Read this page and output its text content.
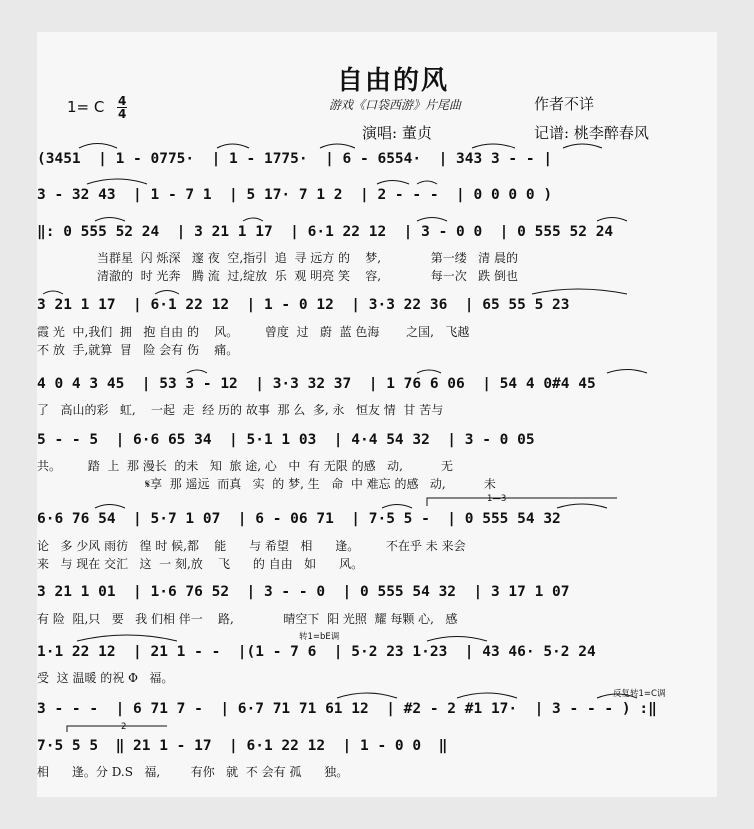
自由的风
1= C $\frac{4}{4}$	游戏《口袋西游》片尾曲	作者不详
演唱: 董贞	记谱: 桃李醉春风
(3451  | 1 - 0775·  | 1 - 1775·  | 6 - 6554·  | 343 3 - - |
3 - 32 43  | 1 - 7 1  | 5 17· 7 1 2  | 2 - - -  | 0 0 0 0 )
‖: 0 555 52 24  | 3 21 1 17  | 6·1 22 12  | 3 - 0 0  | 0 555 52 24
当群星  闪 烁深   邃 夜  空,指引  追  寻 远方 的    梦,             第一缕   清 晨的
清澈的  时 光奔   腾 流  过,绽放  乐  观 明亮 笑    容,             每一次   跌 倒也
3 21 1 17  | 6·1 22 12  | 1 - 0 12  | 3·3 22 36  | 65 55 5 23
霞 光  中,我们  拥   抱 自由 的    风。       曾度  过   蔚  蓝 色海       之国,   飞越
不 放  手,就算  冒   险 会有 伤    痛。
4 0 4 3 45  | 53 3 - 12  | 3·3 32 37  | 1 76 6 06  | 54 4 0#4 45
了   高山的彩   虹,    一起  走  经 历的 故事  那 么  多, 永   恒友 情  甘 苦与
5 - - 5  | 6·6 65 34  | 5·1 1 03  | 4·4 54 32  | 3 - 0 05
共。       踏  上  那 漫长  的未   知  旅 途, 心   中  有 无限 的感   动,          无
𝄋享  那 遥远  而真   实  的 梦, 生   命  中 难忘 的感   动,          未
1—3
6·6 76 54  | 5·7 1 07  | 6 - 06 71  | 7·5 5 -  | 0 555 54 32
论   多 少风 雨彷   徨 时 候,都    能      与 希望   相      逢。       不在乎 未 来会
来   与 现在 交汇   这  一 刻,放    飞      的 自由   如      风。
3 21 1 01  | 1·6 76 52  | 3 - - 0  | 0 555 54 32  | 3 17 1 07
有 险  阻,只   要   我 们相 伴一    路,             晴空下  阳 光照  耀 每颗 心,   感
转1=bE调
1·1 22 12  | 21 1 - -  |(1 - 7 6  | 5·2 23 1·23  | 43 46· 5·2 24
受  这 温暖 的祝 Φ   福。
反复转1=C调
3 - - -  | 6 71 7 -  | 6·7 71 71 61 12  | #2 - 2 #1 17·  | 3 - - - ) :‖
2
7·5 5 5  ‖ 21 1 - 17  | 6·1 22 12  | 1 - 0 0  ‖
相      逢。分 D.S   福,        有你   就  不 会有 孤      独。
